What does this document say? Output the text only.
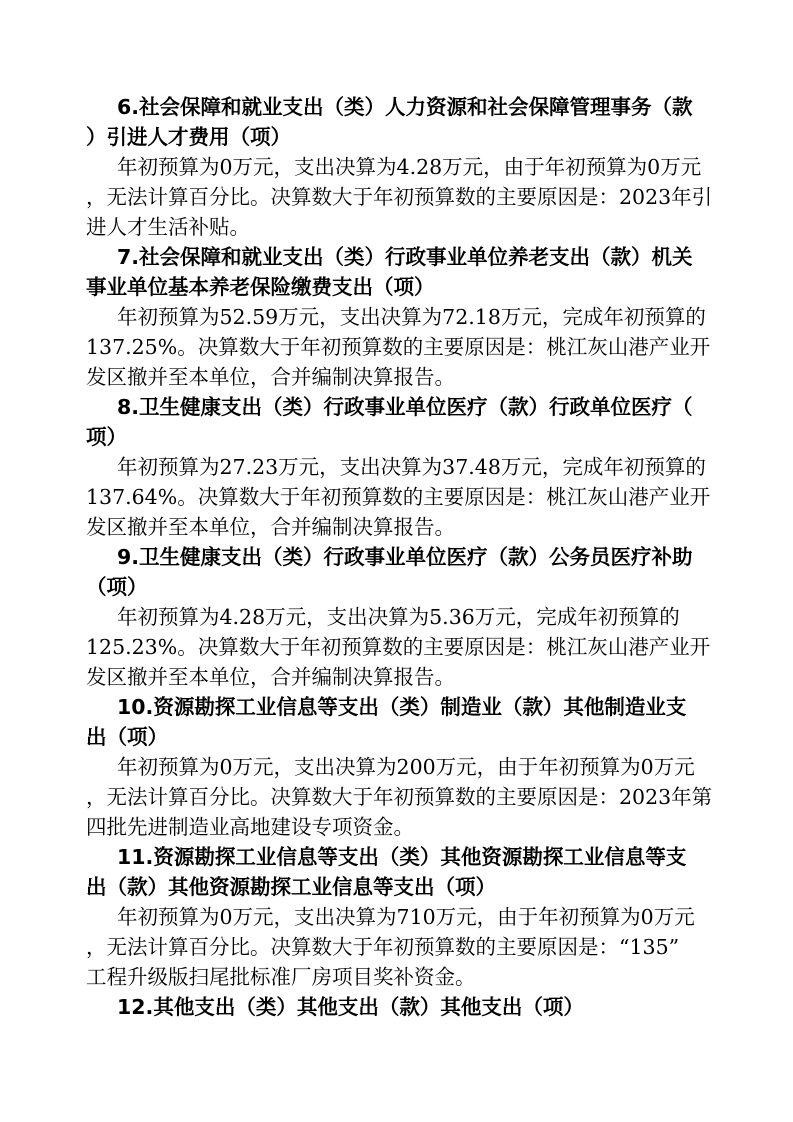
6.社会保障和就业支出（类）人力资源和社会保障管理事务（款
）引进人才费用（项）
年初预算为0万元，支出决算为4.28万元，由于年初预算为0万元
，无法计算百分比。决算数大于年初预算数的主要原因是：2023年引
进人才生活补贴。
7.社会保障和就业支出（类）行政事业单位养老支出（款）机关
事业单位基本养老保险缴费支出（项）
年初预算为52.59万元，支出决算为72.18万元，完成年初预算的
137.25%。决算数大于年初预算数的主要原因是：桃江灰山港产业开
发区撤并至本单位，合并编制决算报告。
8.卫生健康支出（类）行政事业单位医疗（款）行政单位医疗（
项）
年初预算为27.23万元，支出决算为37.48万元，完成年初预算的
137.64%。决算数大于年初预算数的主要原因是：桃江灰山港产业开
发区撤并至本单位，合并编制决算报告。
9.卫生健康支出（类）行政事业单位医疗（款）公务员医疗补助
（项）
年初预算为4.28万元，支出决算为5.36万元，完成年初预算的
125.23%。决算数大于年初预算数的主要原因是：桃江灰山港产业开
发区撤并至本单位，合并编制决算报告。
10.资源勘探工业信息等支出（类）制造业（款）其他制造业支
出（项）
年初预算为0万元，支出决算为200万元，由于年初预算为0万元
，无法计算百分比。决算数大于年初预算数的主要原因是：2023年第
四批先进制造业高地建设专项资金。
11.资源勘探工业信息等支出（类）其他资源勘探工业信息等支
出（款）其他资源勘探工业信息等支出（项）
年初预算为0万元，支出决算为710万元，由于年初预算为0万元
，无法计算百分比。决算数大于年初预算数的主要原因是：“135”
工程升级版扫尾批标准厂房项目奖补资金。
12.其他支出（类）其他支出（款）其他支出（项）
